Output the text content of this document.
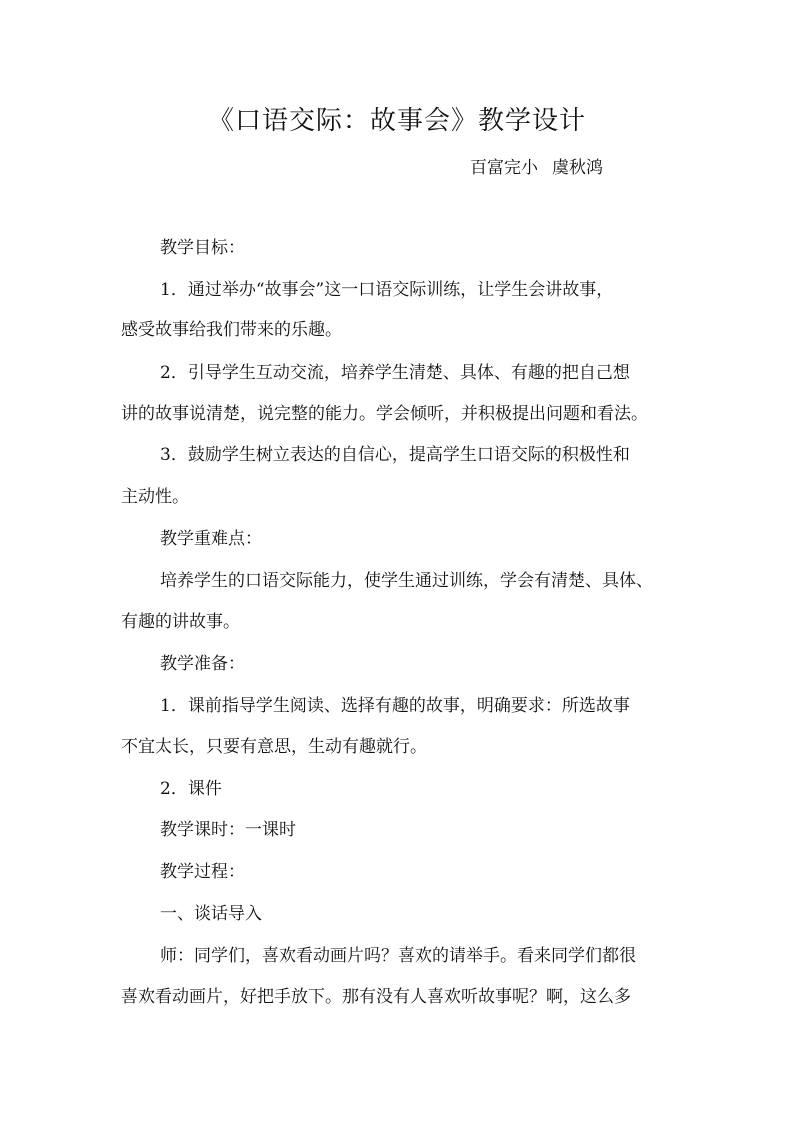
《口语交际：故事会》教学设计
百富完小 虞秋鸿
教学目标：
1．通过举办“故事会”这一口语交际训练，让学生会讲故事，
感受故事给我们带来的乐趣。
2．引导学生互动交流，培养学生清楚、具体、有趣的把自己想
讲的故事说清楚，说完整的能力。学会倾听，并积极提出问题和看法。
3．鼓励学生树立表达的自信心，提高学生口语交际的积极性和
主动性。
教学重难点：
培养学生的口语交际能力，使学生通过训练，学会有清楚、具体、
有趣的讲故事。
教学准备：
1．课前指导学生阅读、选择有趣的故事，明确要求：所选故事
不宜太长，只要有意思，生动有趣就行。
2．课件
教学课时：一课时
教学过程：
一、谈话导入
师：同学们，喜欢看动画片吗？喜欢的请举手。看来同学们都很
喜欢看动画片，好把手放下。那有没有人喜欢听故事呢？啊，这么多
